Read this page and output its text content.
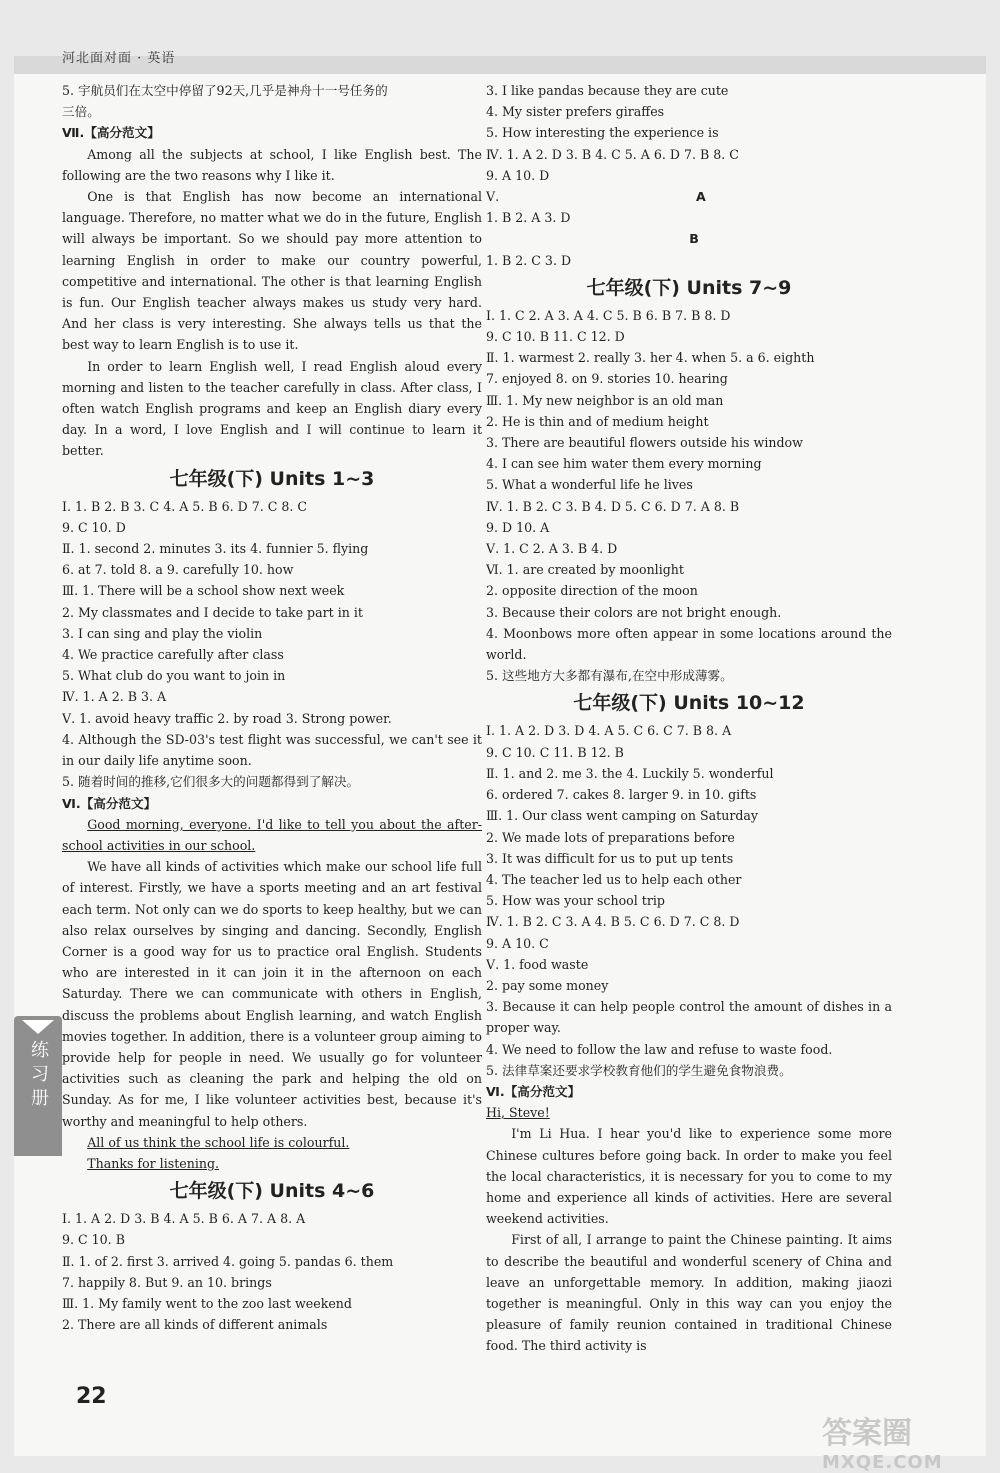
河北面对面 · 英语
5. 宇航员们在太空中停留了92天,几乎是神舟十一号任务的
三倍。
Ⅶ.【高分范文】
Among all the subjects at school, I like English best. The following are the two reasons why I like it.
One is that English has now become an international language. Therefore, no matter what we do in the future, English will always be important. So we should pay more attention to learning English in order to make our country powerful, competitive and international. The other is that learning English is fun. Our English teacher always makes us study very hard. And her class is very interesting. She always tells us that the best way to learn English is to use it.
In order to learn English well, I read English aloud every morning and listen to the teacher carefully in class. After class, I often watch English programs and keep an English diary every day. In a word, I love English and I will continue to learn it better.
七年级(下) Units 1~3
Ⅰ. 1. B 2. B 3. C 4. A 5. B 6. D 7. C 8. C
9. C 10. D
Ⅱ. 1. second 2. minutes 3. its 4. funnier 5. flying
6. at 7. told 8. a 9. carefully 10. how
Ⅲ. 1. There will be a school show next week
2. My classmates and I decide to take part in it
3. I can sing and play the violin
4. We practice carefully after class
5. What club do you want to join in
Ⅳ. 1. A 2. B 3. A
Ⅴ. 1. avoid heavy traffic 2. by road 3. Strong power.
4. Although the SD-03's test flight was successful, we can't see it in our daily life anytime soon.
5. 随着时间的推移,它们很多大的问题都得到了解决。
Ⅵ.【高分范文】
Good morning, everyone. I'd like to tell you about the after-school activities in our school.
We have all kinds of activities which make our school life full of interest. Firstly, we have a sports meeting and an art festival each term. Not only can we do sports to keep healthy, but we can also relax ourselves by singing and dancing. Secondly, English Corner is a good way for us to practice oral English. Students who are interested in it can join it in the afternoon on each Saturday. There we can communicate with others in English, discuss the problems about English learning, and watch English movies together. In addition, there is a volunteer group aiming to provide help for people in need. We usually go for volunteer activities such as cleaning the park and helping the old on Sunday. As for me, I like volunteer activities best, because it's worthy and meaningful to help others.
All of us think the school life is colourful.
Thanks for listening.
七年级(下) Units 4~6
Ⅰ. 1. A 2. D 3. B 4. A 5. B 6. A 7. A 8. A
9. C 10. B
Ⅱ. 1. of 2. first 3. arrived 4. going 5. pandas 6. them
7. happily 8. But 9. an 10. brings
Ⅲ. 1. My family went to the zoo last weekend
2. There are all kinds of different animals
3. I like pandas because they are cute
4. My sister prefers giraffes
5. How interesting the experience is
Ⅳ. 1. A 2. D 3. B 4. C 5. A 6. D 7. B 8. C
9. A 10. D
Ⅴ.	A
1. B 2. A 3. D
B
1. B 2. C 3. D
七年级(下) Units 7~9
Ⅰ. 1. C 2. A 3. A 4. C 5. B 6. B 7. B 8. D
9. C 10. B 11. C 12. D
Ⅱ. 1. warmest 2. really 3. her 4. when 5. a 6. eighth
7. enjoyed 8. on 9. stories 10. hearing
Ⅲ. 1. My new neighbor is an old man
2. He is thin and of medium height
3. There are beautiful flowers outside his window
4. I can see him water them every morning
5. What a wonderful life he lives
Ⅳ. 1. B 2. C 3. B 4. D 5. C 6. D 7. A 8. B
9. D 10. A
Ⅴ. 1. C 2. A 3. B 4. D
Ⅵ. 1. are created by moonlight
2. opposite direction of the moon
3. Because their colors are not bright enough.
4. Moonbows more often appear in some locations around the world.
5. 这些地方大多都有瀑布,在空中形成薄雾。
七年级(下) Units 10~12
Ⅰ. 1. A 2. D 3. D 4. A 5. C 6. C 7. B 8. A
9. C 10. C 11. B 12. B
Ⅱ. 1. and 2. me 3. the 4. Luckily 5. wonderful
6. ordered 7. cakes 8. larger 9. in 10. gifts
Ⅲ. 1. Our class went camping on Saturday
2. We made lots of preparations before
3. It was difficult for us to put up tents
4. The teacher led us to help each other
5. How was your school trip
Ⅳ. 1. B 2. C 3. A 4. B 5. C 6. D 7. C 8. D
9. A 10. C
Ⅴ. 1. food waste
2. pay some money
3. Because it can help people control the amount of dishes in a proper way.
4. We need to follow the law and refuse to waste food.
5. 法律草案还要求学校教育他们的学生避免食物浪费。
Ⅵ.【高分范文】
Hi, Steve!
I'm Li Hua. I hear you'd like to experience some more Chinese cultures before going back. In order to make you feel the local characteristics, it is necessary for you to come to my home and experience all kinds of activities. Here are several weekend activities.
First of all, I arrange to paint the Chinese painting. It aims to describe the beautiful and wonderful scenery of China and leave an unforgettable memory. In addition, making jiaozi together is meaningful. Only in this way can you enjoy the pleasure of family reunion contained in traditional Chinese food. The third activity is
练习册
22
答案圈
MXQE.COM
